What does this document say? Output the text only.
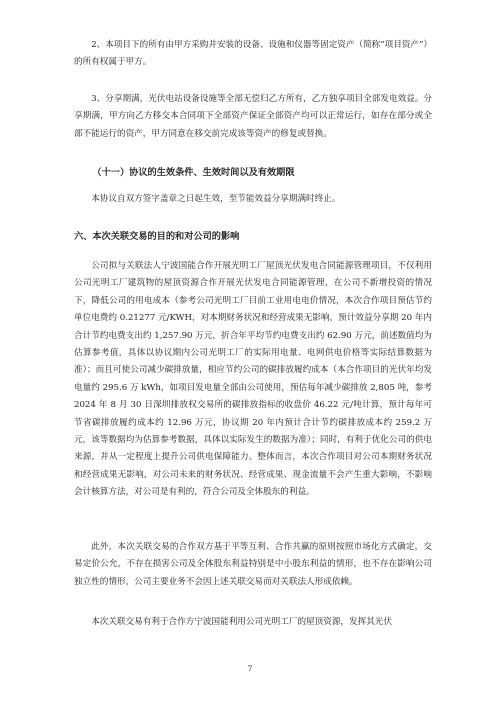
2、本项目下的所有由甲方采购并安装的设备、设施和仪器等固定资产（简称“项目资产”）的所有权属于甲方。

3、分享期满，光伏电站设备设施等全部无偿归乙方所有，乙方独享项目全部发电效益。分享期满，甲方向乙方移交本合同项下全部资产保证全部资产均可以正常运行，如存在部分或全部不能运行的资产，甲方同意在移交前完成该等资产的修复或替换。

（十一）协议的生效条件、生效时间以及有效期限

本协议自双方签字盖章之日起生效，至节能效益分享期满时终止。

六、本次关联交易的目的和对公司的影响

公司拟与关联法人宁波国能合作开展光明工厂屋顶光伏发电合同能源管理项目，不仅利用公司光明工厂建筑物的屋顶资源合作开展光伏发电合同能源管理，在公司不新增投资的情况下，降低公司的用电成本（参考公司光明工厂目前工业用电电价情况，本次合作项目预估节约单位电费约 0.21277 元/KWH，对本期财务状况和经营成果无影响，预计效益分享期 20 年内合计节约电费支出约 1,257.90 万元，折合年平均节约电费支出约 62.90 万元，前述数值均为估算参考值，具体以协议期内公司光明工厂的实际用电量、电网供电价格等实际结算数据为准）；而且可使公司减少碳排放量，相应节约公司的碳排放履约成本（本合作项目的光伏年均发电量约 295.6 万 kWh，如项目发电量全部由公司使用，预估每年减少碳排放 2,805 吨，参考 2024 年 8 月 30 日深圳排放权交易所的碳排放指标的收盘价 46.22 元/吨计算，预计每年可节省碳排放履约成本约 12.96 万元，协议期 20 年内预计合计节约碳排放成本约 259.2 万元，该等数据均为估算参考数据，具体以实际发生的数据为准）；同时，有利于优化公司的供电来源，并从一定程度上提升公司供电保障能力。整体而言，本次合作项目对公司本期财务状况和经营成果无影响，对公司未来的财务状况、经营成果、现金流量不会产生重大影响，不影响会计核算方法，对公司是有利的，符合公司及全体股东的利益。

此外，本次关联交易的合作双方基于平等互利、合作共赢的原则按照市场化方式确定，交易定价公允，不存在损害公司及全体股东利益特别是中小股东利益的情形，也不存在影响公司独立性的情形，公司主要业务不会因上述关联交易而对关联法人形成依赖。

本次关联交易有利于合作方宁波国能利用公司光明工厂的屋顶资源，发挥其光伏

7
